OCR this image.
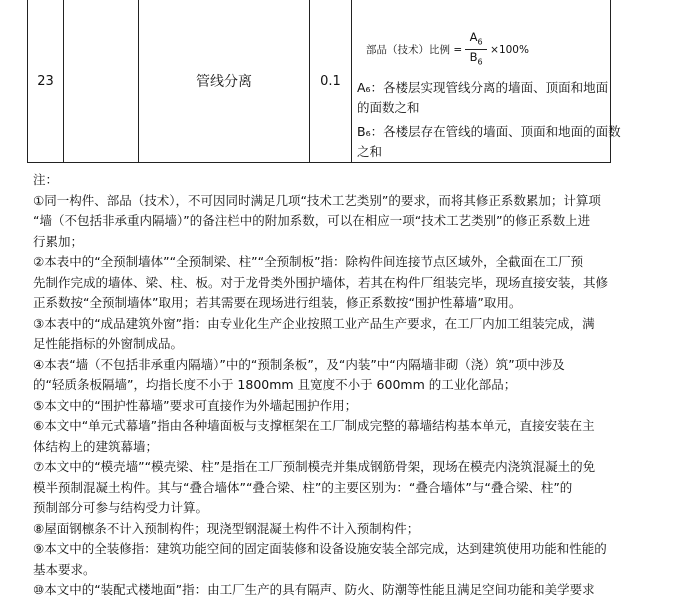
23	管线分离	0.1
部品（技术）比例 = $\frac{A_6}{B_6} \times 100\%$
A₆：各楼层实现管线分离的墙面、顶面和地面
的面数之和
B₆：各楼层存在管线的墙面、顶面和地面的面数
之和

注：

①同一构件、部品（技术），不可因同时满足几项“技术工艺类别”的要求，而将其修正系数累加；计算项
“墙（不包括非承重内隔墙）”的备注栏中的附加系数，可以在相应一项“技术工艺类别”的修正系数上进
行累加；

②本表中的“全预制墙体”“全预制梁、柱”“全预制板”指：除构件间连接节点区域外，全截面在工厂预
先制作完成的墙体、梁、柱、板。对于龙骨类外围护墙体，若其在构件厂组装完毕，现场直接安装，其修
正系数按“全预制墙体”取用；若其需要在现场进行组装，修正系数按“围护性幕墙”取用。

③本表中的“成品建筑外窗”指：由专业化生产企业按照工业产品生产要求，在工厂内加工组装完成，满
足性能指标的外窗制成品。

④本表“墙（不包括非承重内隔墙）”中的“预制条板”，及“内装”中“内隔墙非砌（浇）筑”项中涉及
的“轻质条板隔墙”，均指长度不小于 1800mm 且宽度不小于 600mm 的工业化部品；

⑤本文中的“围护性幕墙”要求可直接作为外墙起围护作用；

⑥本文中“单元式幕墙”指由各种墙面板与支撑框架在工厂制成完整的幕墙结构基本单元，直接安装在主
体结构上的建筑幕墙；

⑦本文中的“模壳墙”“模壳梁、柱”是指在工厂预制模壳并集成钢筋骨架，现场在模壳内浇筑混凝土的免
模半预制混凝土构件。其与“叠合墙体”“叠合梁、柱”的主要区别为：“叠合墙体”与“叠合梁、柱”的
预制部分可参与结构受力计算。

⑧屋面钢檩条不计入预制构件；现浇型钢混凝土构件不计入预制构件；

⑨本文中的全装修指：建筑功能空间的固定面装修和设备设施安装全部完成，达到建筑使用功能和性能的
基本要求。

⑩本文中的“装配式楼地面”指：由工厂生产的具有隔声、防火、防潮等性能且满足空间功能和美学要求
